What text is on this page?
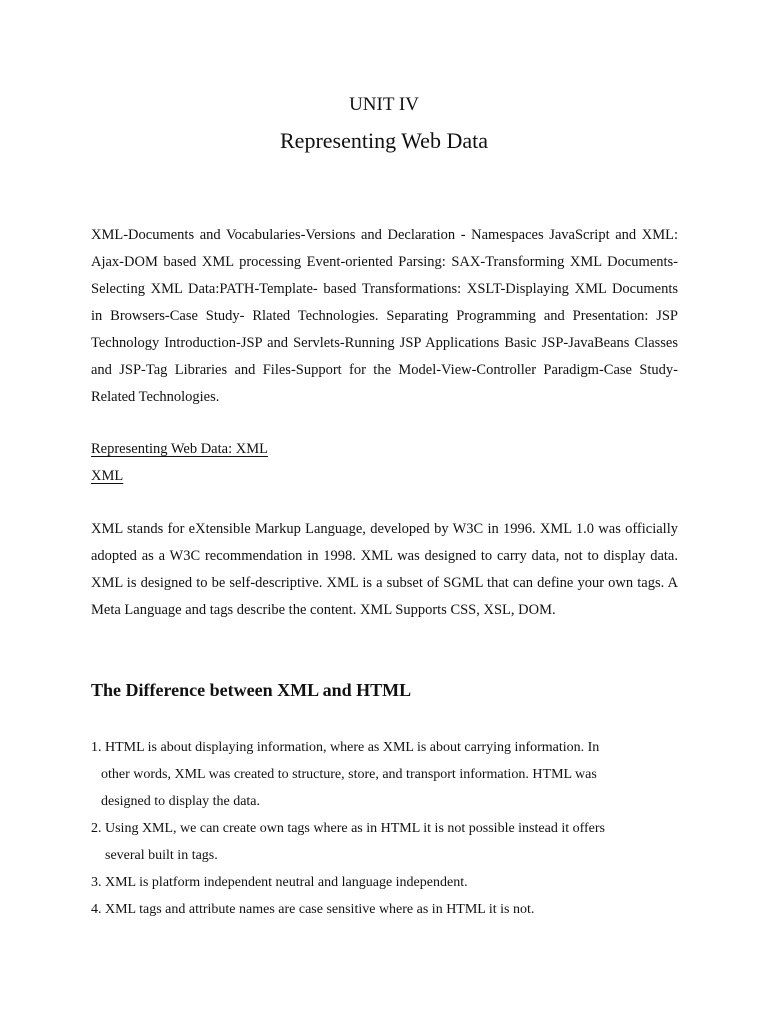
UNIT IV
Representing Web Data

XML-Documents and Vocabularies-Versions and Declaration - Namespaces JavaScript and XML: Ajax-DOM based XML processing Event-oriented Parsing: SAX-Transforming XML Documents-Selecting XML Data:PATH-Template- based Transformations: XSLT-Displaying XML Documents in Browsers-Case Study- Rlated Technologies. Separating Programming and Presentation: JSP Technology Introduction-JSP and Servlets-Running JSP Applications Basic JSP-JavaBeans Classes and JSP-Tag Libraries and Files-Support for the Model-View-Controller Paradigm-Case Study-Related Technologies.

Representing Web Data: XML
XML

XML stands for eXtensible Markup Language, developed by W3C in 1996. XML 1.0 was officially adopted as a W3C recommendation in 1998. XML was designed to carry data, not to display data. XML is designed to be self-descriptive. XML is a subset of SGML that can define your own tags. A Meta Language and tags describe the content. XML Supports CSS, XSL, DOM.

The Difference between XML and HTML
1. HTML is about displaying information, where as XML is about carrying information. In
other words, XML was created to structure, store, and transport information. HTML was
designed to display the data.
2. Using XML, we can create own tags where as in HTML it is not possible instead it offers
several built in tags.
3. XML is platform independent neutral and language independent.
4. XML tags and attribute names are case sensitive where as in HTML it is not.
